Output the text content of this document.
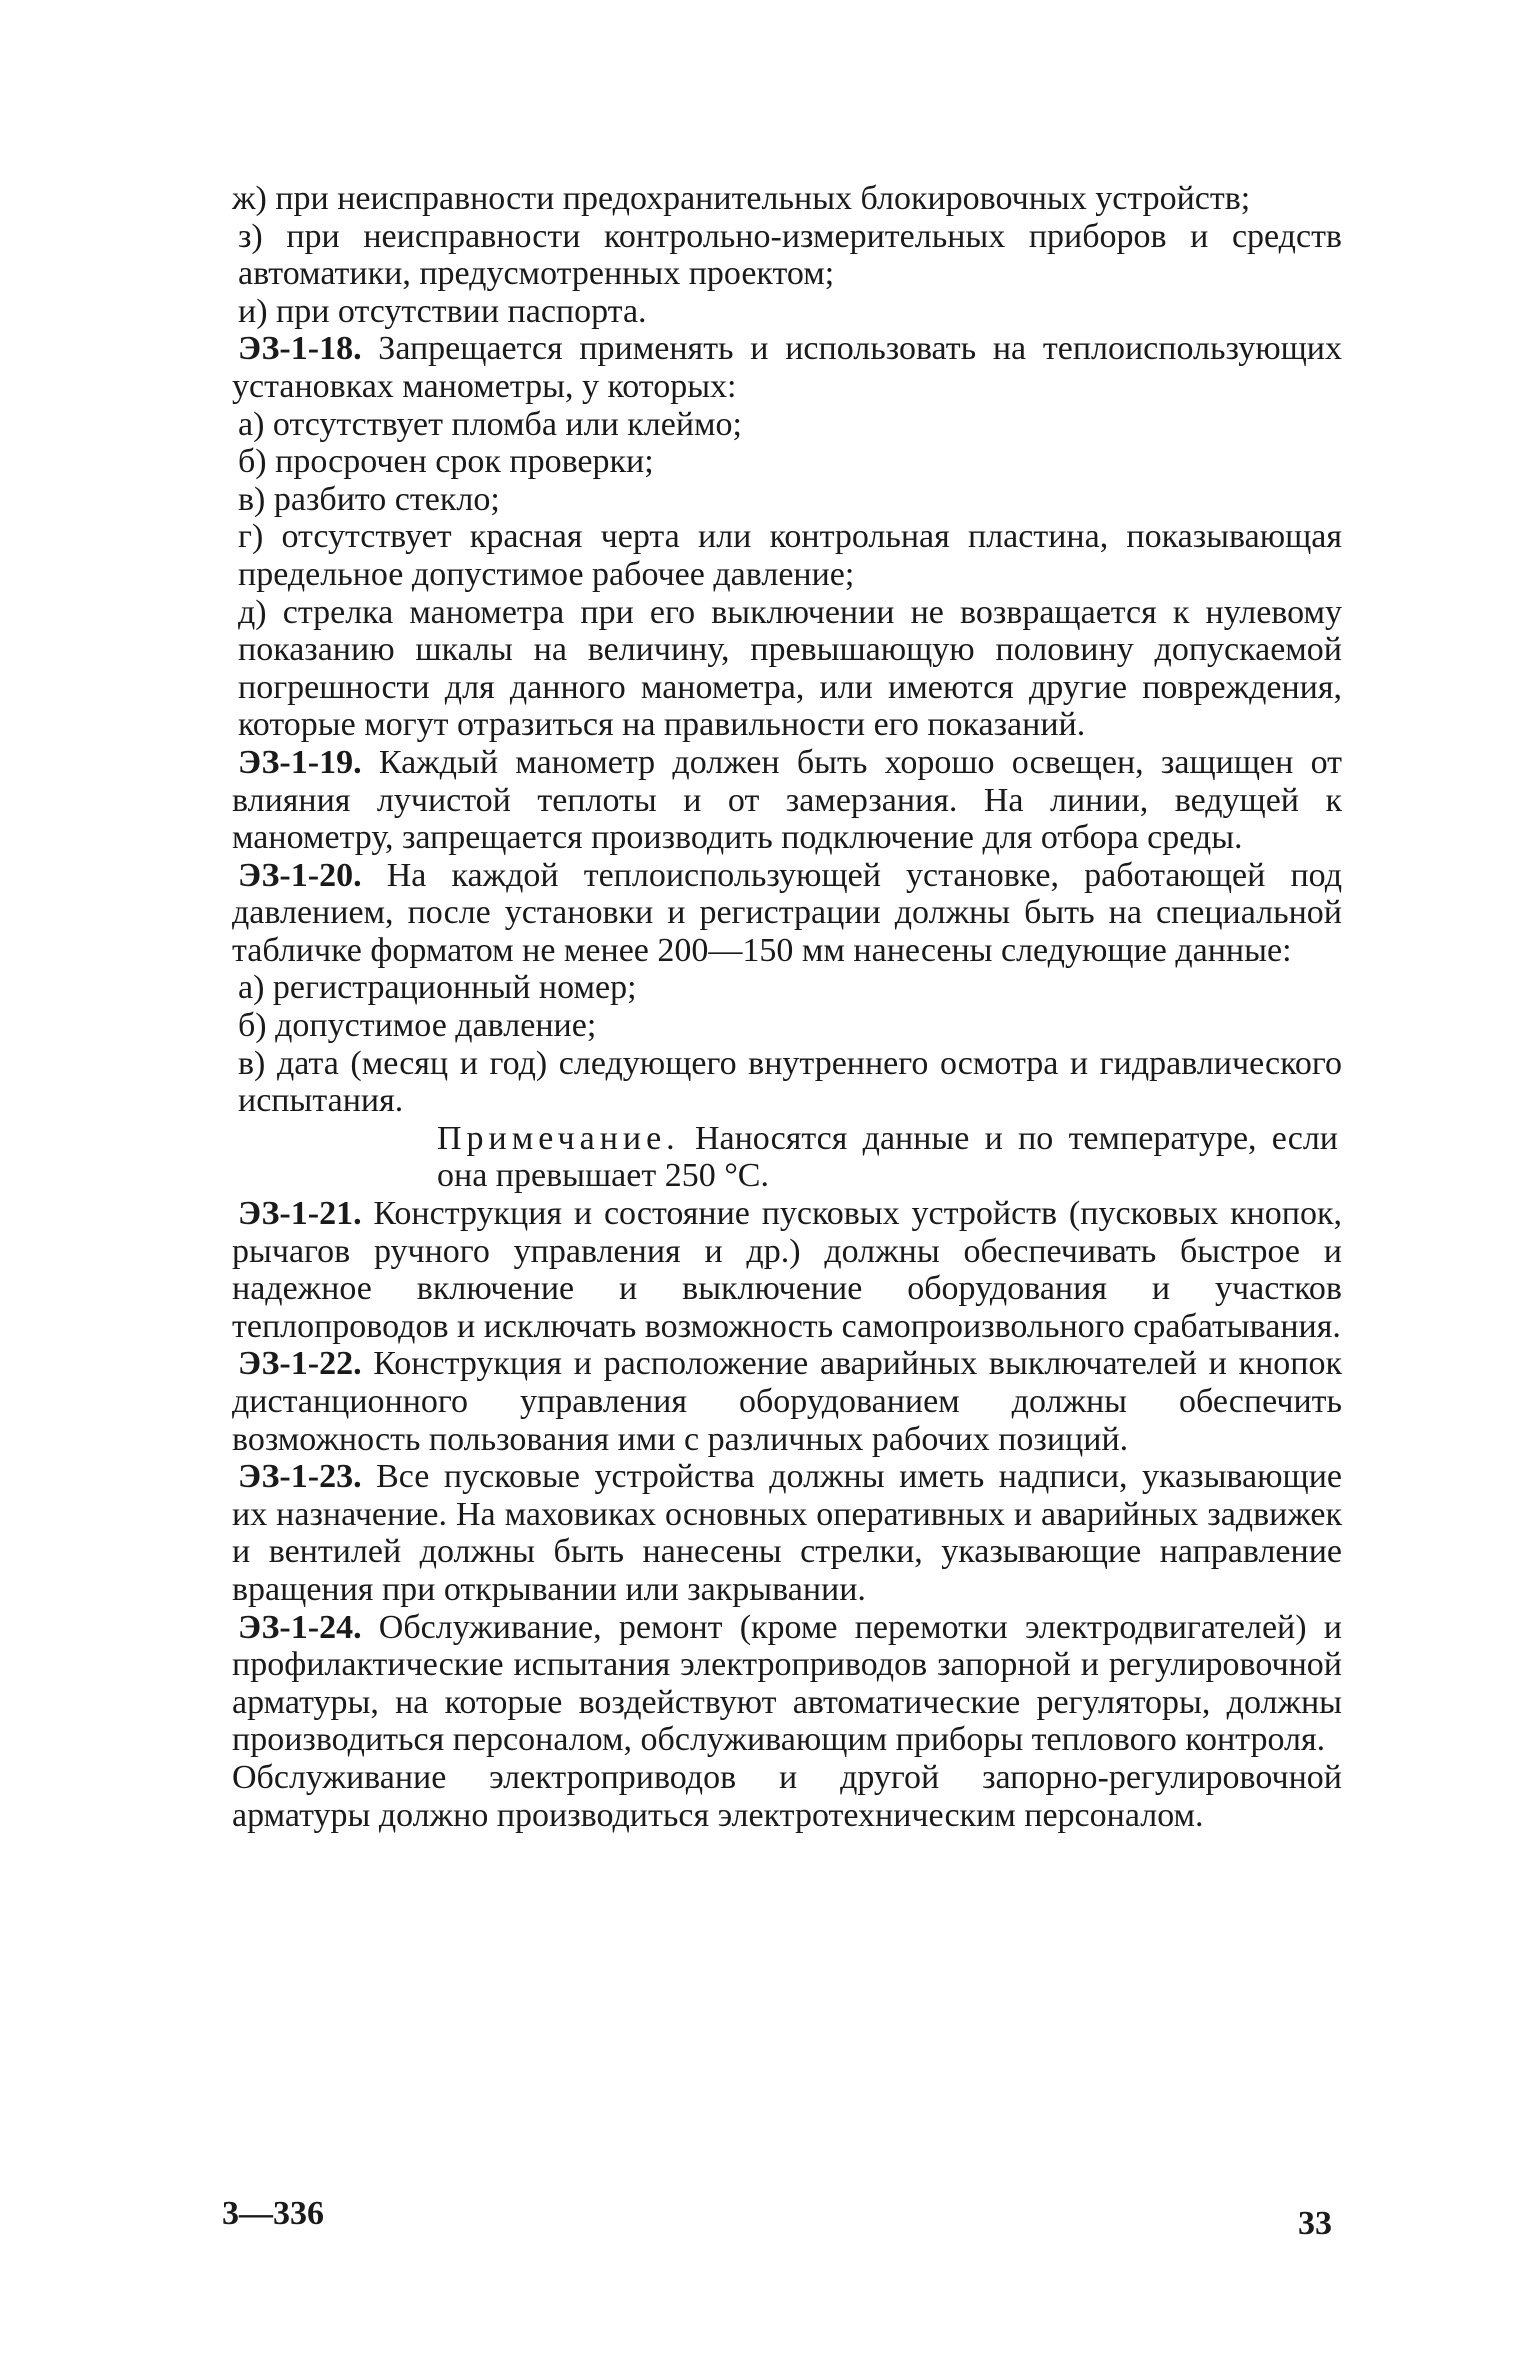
ж) при неисправности предохранительных блокировочных устройств;

з) при неисправности контрольно-измерительных приборов и средств автоматики, предусмотренных проектом;

и) при отсутствии паспорта.

ЭЗ-1-18. Запрещается применять и использовать на теплоиспользующих установках манометры, у которых:

а) отсутствует пломба или клеймо;

б) просрочен срок проверки;

в) разбито стекло;

г) отсутствует красная черта или контрольная пластина, показывающая предельное допустимое рабочее давление;

д) стрелка манометра при его выключении не возвращается к нулевому показанию шкалы на величину, превышающую половину допускаемой погрешности для данного манометра, или имеются другие повреждения, которые могут отразиться на правильности его показаний.

ЭЗ-1-19. Каждый манометр должен быть хорошо освещен, защищен от влияния лучистой теплоты и от замерзания. На линии, ведущей к манометру, запрещается производить подключение для отбора среды.

ЭЗ-1-20. На каждой теплоиспользующей установке, работающей под давлением, после установки и регистрации должны быть на специальной табличке форматом не менее 200—150 мм нанесены следующие данные:

а) регистрационный номер;

б) допустимое давление;

в) дата (месяц и год) следующего внутреннего осмотра и гидравлического испытания.

Примечание. Наносятся данные и по температуре, если она превышает 250 °С.

ЭЗ-1-21. Конструкция и состояние пусковых устройств (пусковых кнопок, рычагов ручного управления и др.) должны обеспечивать быстрое и надежное включение и выключение оборудования и участков теплопроводов и исключать возможность самопроизвольного срабатывания.

ЭЗ-1-22. Конструкция и расположение аварийных выключателей и кнопок дистанционного управления оборудованием должны обеспечить возможность пользования ими с различных рабочих позиций.

ЭЗ-1-23. Все пусковые устройства должны иметь надписи, указывающие их назначение. На маховиках основных оперативных и аварийных задвижек и вентилей должны быть нанесены стрелки, указывающие направление вращения при открывании или закрывании.

ЭЗ-1-24. Обслуживание, ремонт (кроме перемотки электродвигателей) и профилактические испытания электроприводов запорной и регулировочной арматуры, на которые воздействуют автоматические регуляторы, должны производиться персоналом, обслуживающим приборы теплового контроля.

Обслуживание электроприводов и другой запорно-регулировочной арматуры должно производиться электротехническим персоналом.

3—336	33
